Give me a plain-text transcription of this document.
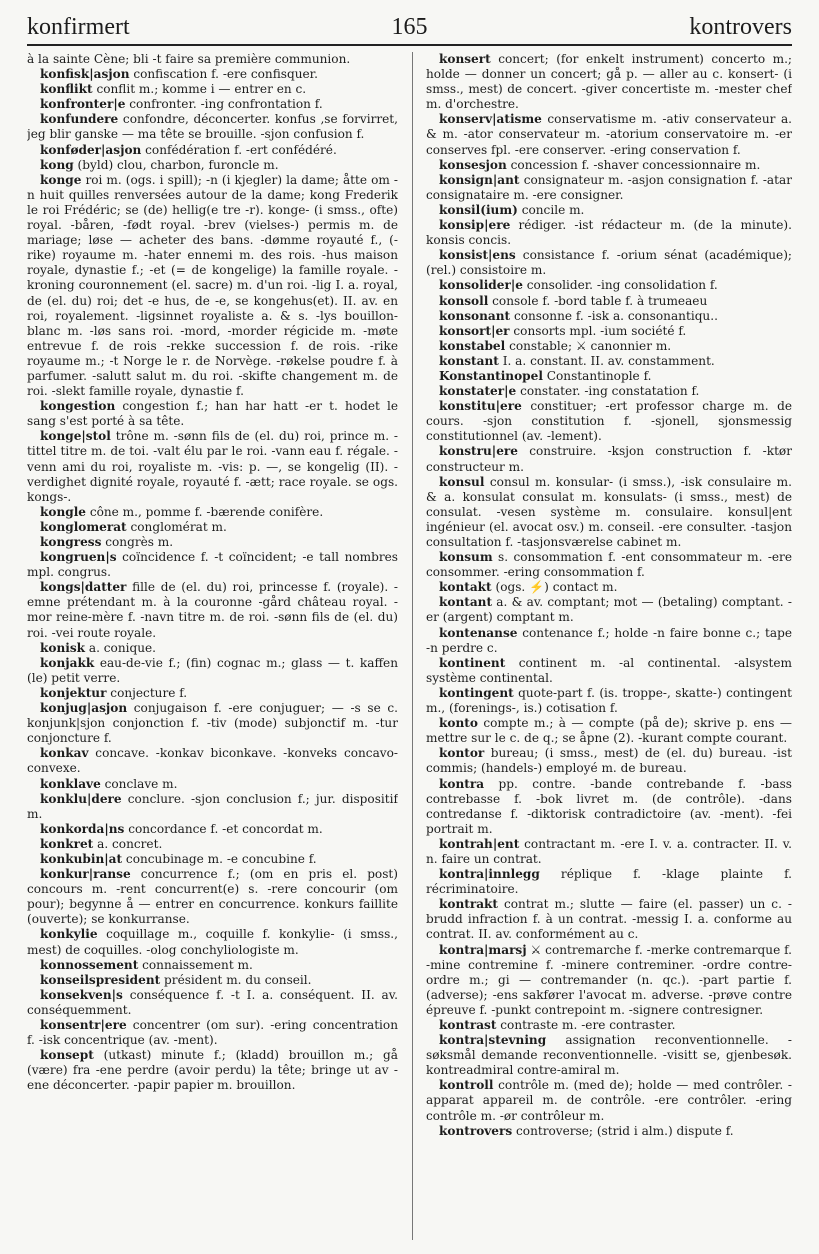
konfirmert	165	kontrovers

à la sainte Cène; bli -t faire sa première communion.

konfisk|asjon confiscation f. -ere confisquer.

konflikt conflit m.; komme i — entrer en c.

konfronter|e confronter. -ing confrontation f.

konfundere confondre, déconcerter. konfus ,se forvirret, jeg blir ganske — ma tête se brouille. -sjon confusion f.

konføder|asjon confédération f. -ert confédéré.

kong (byld) clou, charbon, furoncle m.

konge roi m. (ogs. i spill); -n (i kjegler) la dame; åtte om -n huit quilles renversées autour de la dame; kong Frederik le roi Frédéric; se (de) hellig(e tre -r). konge- (i smss., ofte) royal. -båren, -født royal. -brev (vielses-) permis m. de mariage; løse — acheter des bans. -dømme royauté f., (-rike) royaume m. -hater ennemi m. des rois. -hus maison royale, dynastie f.; -et (= de kongelige) la famille royale. -kroning couronnement (el. sacre) m. d'un roi. -lig I. a. royal, de (el. du) roi; det -e hus, de -e, se kongehus(et). II. av. en roi, royalement. -ligsinnet royaliste a. & s. -lys bouillon-blanc m. -løs sans roi. -mord, -morder régicide m. -møte entrevue f. de rois -rekke succession f. de rois. -rike royaume m.; -t Norge le r. de Norvège. -røkelse poudre f. à parfumer. -salutt salut m. du roi. -skifte changement m. de roi. -slekt famille royale, dynastie f.

kongestion congestion f.; han har hatt -er t. hodet le sang s'est porté à sa tête.

konge|stol trône m. -sønn fils de (el. du) roi, prince m. -tittel titre m. de toi. -valt élu par le roi. -vann eau f. régale. -venn ami du roi, royaliste m. -vis: p. —, se kongelig (II). -verdighet dignité royale, royauté f. -ætt; race royale. se ogs. kongs-.

kongle cône m., pomme f. -bærende conifère.

konglomerat conglomérat m.

kongress congrès m.

kongruen|s coïncidence f. -t coïncident; -e tall nombres mpl. congrus.

kongs|datter fille de (el. du) roi, princesse f. (royale). -emne prétendant m. à la couronne -gård château royal. -mor reine-mère f. -navn titre m. de roi. -sønn fils de (el. du) roi. -vei route royale.

konisk a. conique.

konjakk eau-de-vie f.; (fin) cognac m.; glass — t. kaffen (le) petit verre.

konjektur conjecture f.

konjug|asjon conjugaison f. -ere conjuguer; — -s se c. konjunk|sjon conjonction f. -tiv (mode) subjonctif m. -tur conjoncture f.

konkav concave. -konkav biconkave. -konveks concavo-convexe.

konklave conclave m.

konklu|dere conclure. -sjon conclusion f.; jur. dispositif m.

konkorda|ns concordance f. -et concordat m.

konkret a. concret.

konkubin|at concubinage m. -e concubine f.

konkur|ranse concurrence f.; (om en pris el. post) concours m. -rent concurrent(e) s. -rere concourir (om pour); begynne å — entrer en concurrence. konkurs faillite (ouverte); se konkurranse.

konkylie coquillage m., coquille f. konkylie- (i smss., mest) de coquilles. -olog conchyliologiste m.

konnossement connaissement m.

konseilspresident président m. du conseil.

konsekven|s conséquence f. -t I. a. conséquent. II. av. conséquemment.

konsentr|ere concentrer (om sur). -ering concentration f. -isk concentrique (av. -ment).

konsept (utkast) minute f.; (kladd) brouillon m.; gå (være) fra -ene perdre (avoir perdu) la tête; bringe ut av -ene déconcerter. -papir papier m. brouillon.

konsert concert; (for enkelt instrument) concerto m.; holde — donner un concert; gå p. — aller au c. konsert- (i smss., mest) de concert. -giver concertiste m. -mester chef m. d'orchestre.

konserv|atisme conservatisme m. -ativ conservateur a. & m. -ator conservateur m. -atorium conservatoire m. -er conserves fpl. -ere conserver. -ering conservation f.

konsesjon concession f. -shaver concessionnaire m.

konsign|ant consignateur m. -asjon consignation f. -atar consignataire m. -ere consigner.

konsil(ium) concile m.

konsip|ere rédiger. -ist rédacteur m. (de la minute). konsis concis.

konsist|ens consistance f. -orium sénat (académique); (rel.) consistoire m.

konsolider|e consolider. -ing consolidation f.

konsoll console f. -bord table f. à trumeaeu

konsonant consonne f. -isk a. consonantiqu..

konsort|er consorts mpl. -ium société f.

konstabel constable; ⚔ canonnier m.

konstant I. a. constant. II. av. constamment.

Konstantinopel Constantinople f.

konstater|e constater. -ing constatation f.

konstitu|ere constituer; -ert professor charge m. de cours. -sjon constitution f. -sjonell, sjonsmessig constitutionnel (av. -lement).

konstru|ere construire. -ksjon construction f. -ktør constructeur m.

konsul consul m. konsular- (i smss.), -isk consulaire m. & a. konsulat consulat m. konsulats- (i smss., mest) de consulat. -vesen système m. consulaire. konsul|ent ingénieur (el. avocat osv.) m. conseil. -ere consulter. -tasjon consultation f. -tasjonsværelse cabinet m.

konsum s. consommation f. -ent consommateur m. -ere consommer. -ering consommation f.

kontakt (ogs. ⚡) contact m.

kontant a. & av. comptant; mot — (betaling) comptant. -er (argent) comptant m.

kontenanse contenance f.; holde -n faire bonne c.; tape -n perdre c.

kontinent continent m. -al continental. -alsystem système continental.

kontingent quote-part f. (is. troppe-, skatte-) contingent m., (forenings-, is.) cotisation f.

konto compte m.; à — compte (på de); skrive p. ens — mettre sur le c. de q.; se åpne (2). -kurant compte courant.

kontor bureau; (i smss., mest) de (el. du) bureau. -ist commis; (handels-) employé m. de bureau.

kontra pp. contre. -bande contrebande f. -bass contrebasse f. -bok livret m. (de contrôle). -dans contredanse f. -diktorisk contradictoire (av. -ment). -fei portrait m.

kontrah|ent contractant m. -ere I. v. a. contracter. II. v. n. faire un contrat.

kontra|innlegg réplique f. -klage plainte f. récriminatoire.

kontrakt contrat m.; slutte — faire (el. passer) un c. -brudd infraction f. à un contrat. -messig I. a. conforme au contrat. II. av. conformément au c.

kontra|marsj ⚔ contremarche f. -merke contremarque f. -mine contremine f. -minere contreminer. -ordre contre-ordre m.; gi — contremander (n. qc.). -part partie f. (adverse); -ens sakfører l'avocat m. adverse. -prøve contre épreuve f. -punkt contrepoint m. -signere contresigner.

kontrast contraste m. -ere contraster.

kontra|stevning assignation reconventionnelle. -søksmål demande reconventionnelle. -visitt se, gjenbesøk. kontreadmiral contre-amiral m.

kontroll contrôle m. (med de); holde — med contrôler. -apparat appareil m. de contrôle. -ere contrôler. -ering contrôle m. -ør contrôleur m.

kontrovers controverse; (strid i alm.) dispute f.
